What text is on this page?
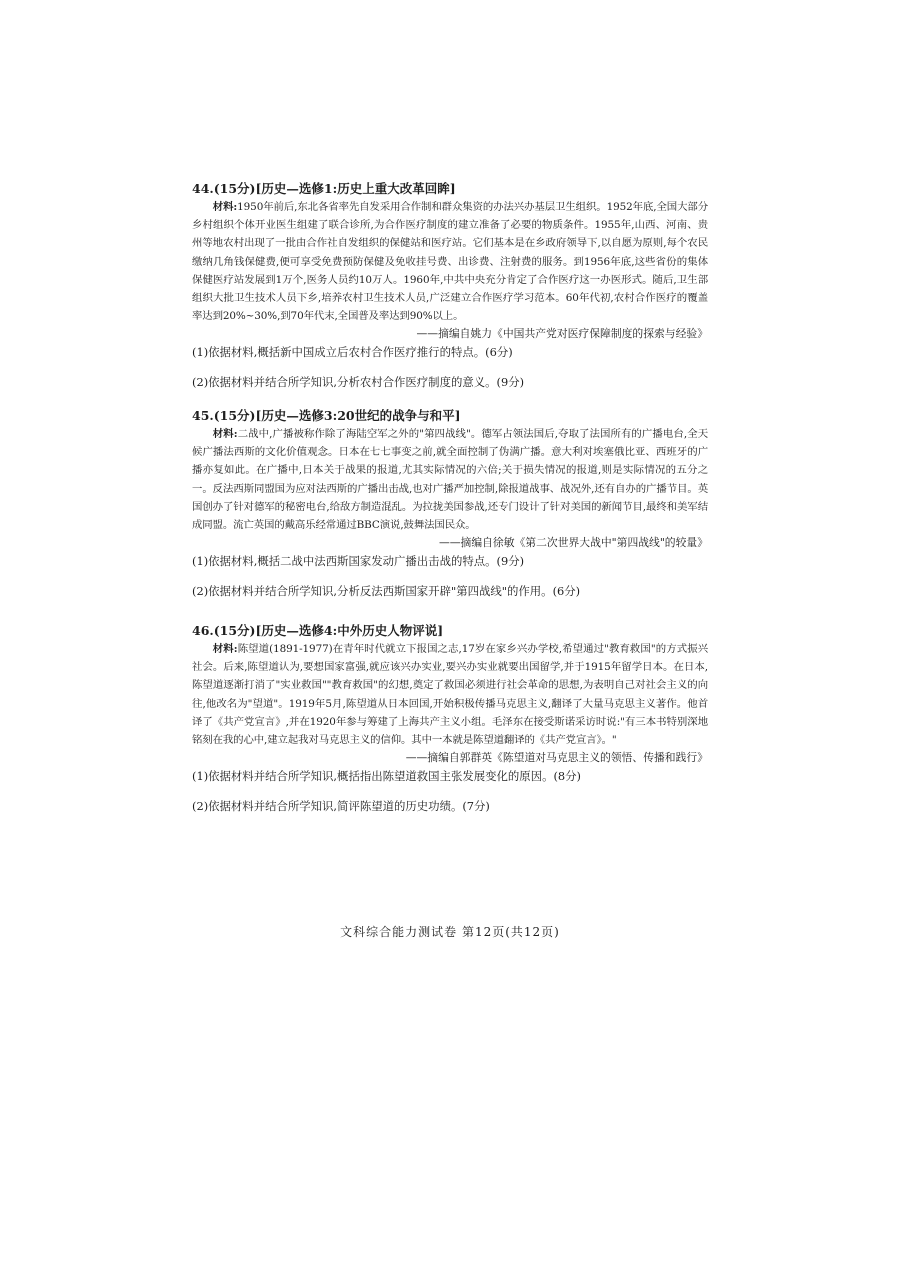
44.(15分)[历史—选修1:历史上重大改革回眸]

材料:1950年前后,东北各省率先自发采用合作制和群众集资的办法兴办基层卫生组织。1952年底,全国大部分乡村组织个体开业医生组建了联合诊所,为合作医疗制度的建立准备了必要的物质条件。1955年,山西、河南、贵州等地农村出现了一批由合作社自发组织的保健站和医疗站。它们基本是在乡政府领导下,以自愿为原则,每个农民缴纳几角钱保健费,便可享受免费预防保健及免收挂号费、出诊费、注射费的服务。到1956年底,这些省份的集体保健医疗站发展到1万个,医务人员约10万人。1960年,中共中央充分肯定了合作医疗这一办医形式。随后,卫生部组织大批卫生技术人员下乡,培养农村卫生技术人员,广泛建立合作医疗学习范本。60年代初,农村合作医疗的覆盖率达到20%~30%,到70年代末,全国普及率达到90%以上。

——摘编自姚力《中国共产党对医疗保障制度的探索与经验》

(1)依据材料,概括新中国成立后农村合作医疗推行的特点。(6分)

(2)依据材料并结合所学知识,分析农村合作医疗制度的意义。(9分)

45.(15分)[历史—选修3:20世纪的战争与和平]

材料:二战中,广播被称作除了海陆空军之外的"第四战线"。德军占领法国后,夺取了法国所有的广播电台,全天候广播法西斯的文化价值观念。日本在七七事变之前,就全面控制了伪满广播。意大利对埃塞俄比亚、西班牙的广播亦复如此。在广播中,日本关于战果的报道,尤其实际情况的六倍;关于损失情况的报道,则是实际情况的五分之一。反法西斯同盟国为应对法西斯的广播出击战,也对广播严加控制,除报道战事、战况外,还有自办的广播节目。英国创办了针对德军的秘密电台,给敌方制造混乱。为拉拢美国参战,还专门设计了针对美国的新闻节目,最终和美军结成同盟。流亡英国的戴高乐经常通过BBC演说,鼓舞法国民众。

——摘编自徐敏《第二次世界大战中"第四战线"的较量》

(1)依据材料,概括二战中法西斯国家发动广播出击战的特点。(9分)

(2)依据材料并结合所学知识,分析反法西斯国家开辟"第四战线"的作用。(6分)

46.(15分)[历史—选修4:中外历史人物评说]

材料:陈望道(1891-1977)在青年时代就立下报国之志,17岁在家乡兴办学校,希望通过"教育救国"的方式振兴社会。后来,陈望道认为,要想国家富强,就应该兴办实业,要兴办实业就要出国留学,并于1915年留学日本。在日本,陈望道逐渐打消了"实业救国""教育救国"的幻想,奠定了救国必须进行社会革命的思想,为表明自己对社会主义的向往,他改名为"望道"。1919年5月,陈望道从日本回国,开始积极传播马克思主义,翻译了大量马克思主义著作。他首译了《共产党宣言》,并在1920年参与筹建了上海共产主义小组。毛泽东在接受斯诺采访时说:"有三本书特别深地铭刻在我的心中,建立起我对马克思主义的信仰。其中一本就是陈望道翻译的《共产党宣言》。"

——摘编自郭群英《陈望道对马克思主义的领悟、传播和践行》

(1)依据材料并结合所学知识,概括指出陈望道救国主张发展变化的原因。(8分)

(2)依据材料并结合所学知识,简评陈望道的历史功绩。(7分)

文科综合能力测试卷 第12页(共12页)
